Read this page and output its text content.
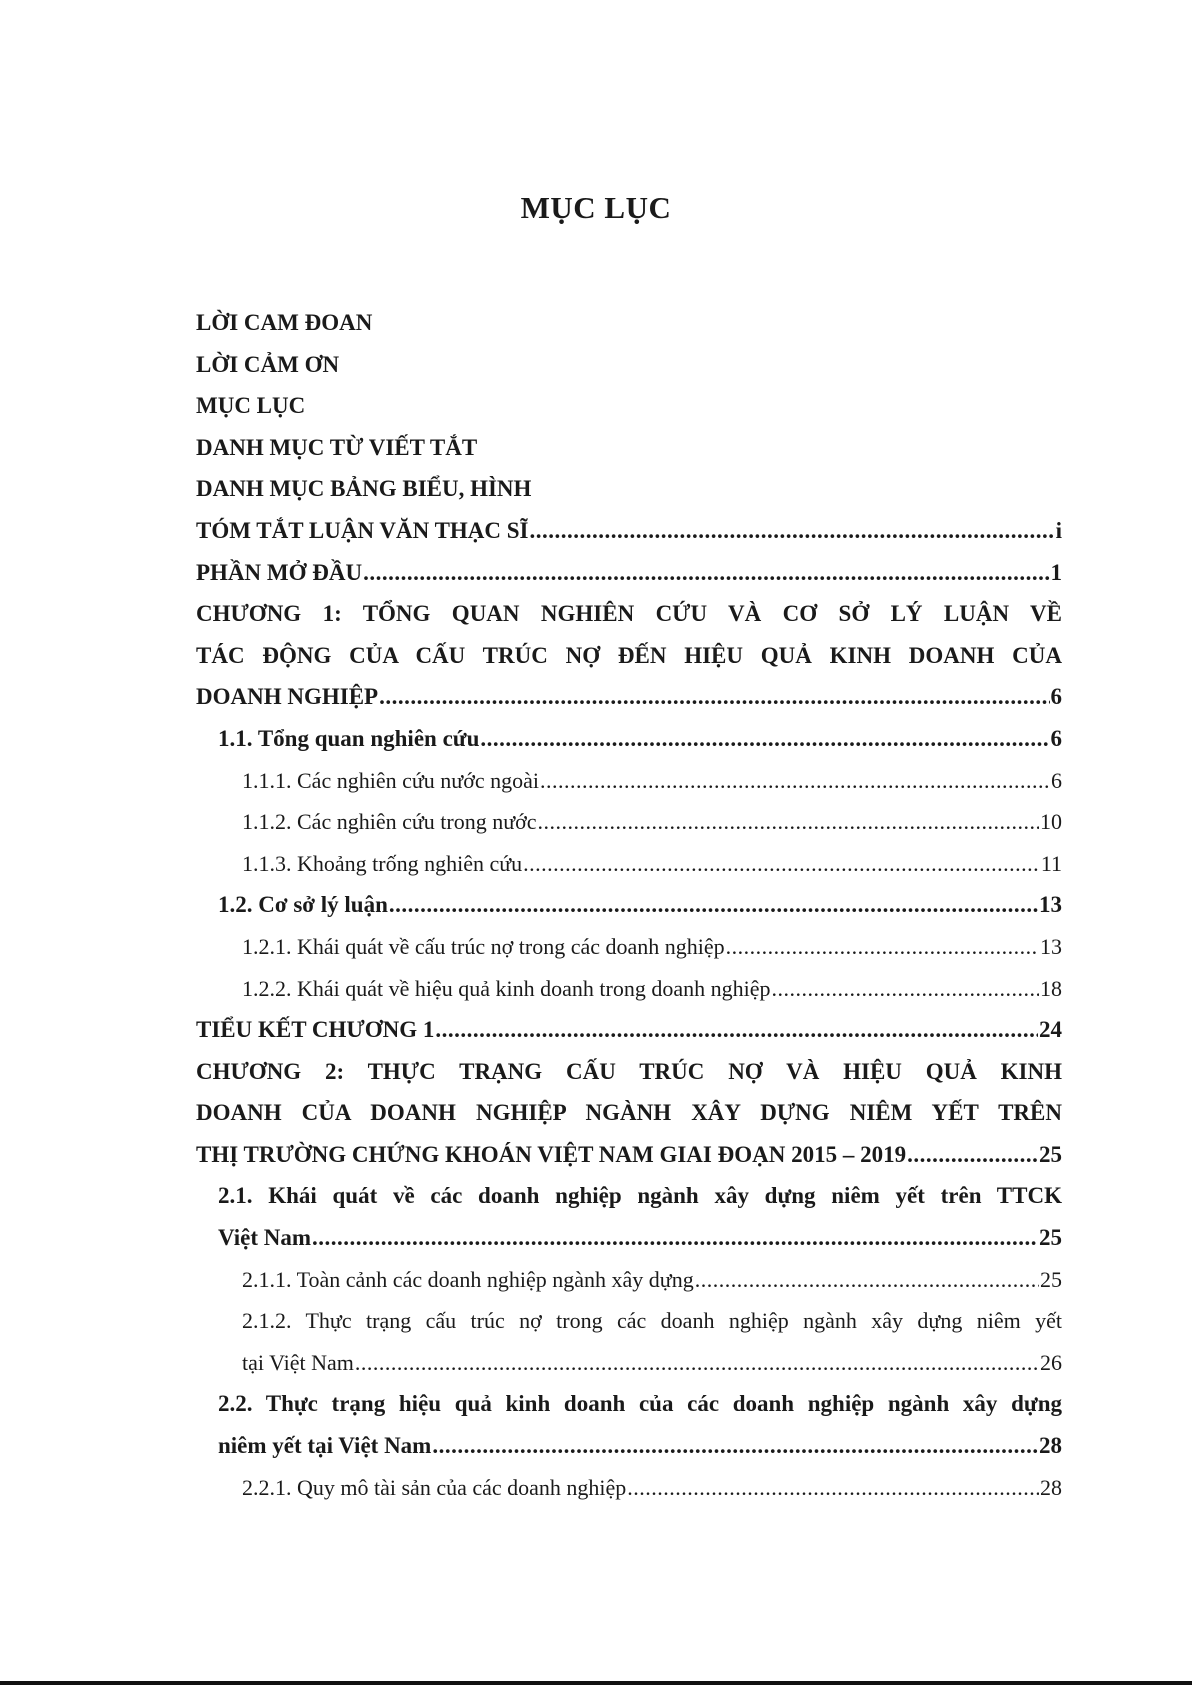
MỤC LỤC
LỜI CAM ĐOAN
LỜI CẢM ƠN
MỤC LỤC
DANH MỤC TỪ VIẾT TẮT
DANH MỤC BẢNG BIỂU, HÌNH
TÓM TẮT LUẬN VĂN THẠC SĨ .....	i
PHẦN MỞ ĐẦU .....	1
CHƯƠNG 1: TỔNG QUAN NGHIÊN CỨU VÀ CƠ SỞ LÝ LUẬN VỀ
TÁC ĐỘNG CỦA CẤU TRÚC NỢ ĐẾN HIỆU QUẢ KINH DOANH CỦA
DOANH NGHIỆP .....	6
1.1. Tổng quan nghiên cứu .....	6
1.1.1. Các nghiên cứu nước ngoài .....	6
1.1.2. Các nghiên cứu trong nước .....	10
1.1.3. Khoảng trống nghiên cứu .....	11
1.2. Cơ sở lý luận .....	13
1.2.1. Khái quát về cấu trúc nợ trong các doanh nghiệp .....	13
1.2.2. Khái quát về hiệu quả kinh doanh trong doanh nghiệp .....	18
TIỂU KẾT CHƯƠNG 1 .....	24
CHƯƠNG 2: THỰC TRẠNG CẤU TRÚC NỢ VÀ HIỆU QUẢ KINH
DOANH CỦA DOANH NGHIỆP NGÀNH XÂY DỰNG NIÊM YẾT TRÊN
THỊ TRƯỜNG CHỨNG KHOÁN VIỆT NAM GIAI ĐOẠN 2015 – 2019 .....	25
2.1. Khái quát về các doanh nghiệp ngành xây dựng niêm yết trên TTCK
Việt Nam .....	25
2.1.1. Toàn cảnh các doanh nghiệp ngành xây dựng .....	25
2.1.2. Thực trạng cấu trúc nợ trong các doanh nghiệp ngành xây dựng niêm yết
tại Việt Nam .....	26
2.2. Thực trạng hiệu quả kinh doanh của các doanh nghiệp ngành xây dựng
niêm yết tại Việt Nam .....	28
2.2.1. Quy mô tài sản của các doanh nghiệp .....	28
